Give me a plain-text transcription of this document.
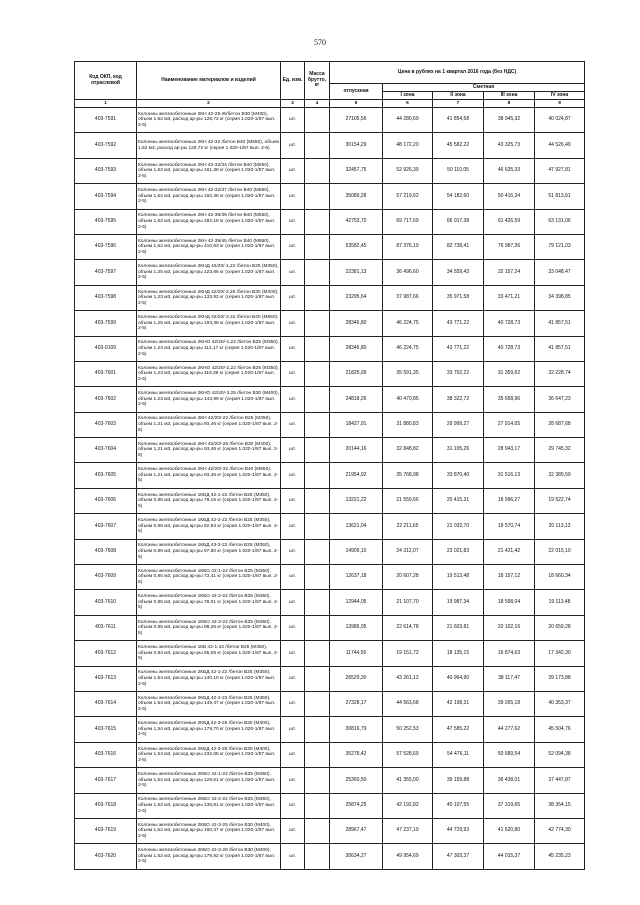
570
Код ОКП, код отраслевой	Наименование материалов и изделий	Ед. изм.	Масса брутто, кг	Цена в рублях на 1 квартал 2016 года (без НДС)				
				отпускная	Сметная			
					I зона	II зона	III зона	IV зона
1	2	3	4	5	6	7	8	9
403-7591	Колонны железобетонные 2КН 42-25-Ж/бетон В30 (М400), объем 1,62 м3, расход ар-ры 128,72 кг (серия 1.020-1/87 вып. 2-5)	шт.		27105,56	44 280,69	41 854,58	38 945,32	40 024,87
403-7592	Колонны железобетонные 2КН 42-32 /бетон В40 (М550), объем 1,62 м3, расход ар-ры 128,72 кг (серия 1.020-1/87 вып. 2-5)	шт.		30154,29	48 172,20	45 582,22	43 325,73	44 526,49
403-7593	Колонны железобетонные 2КН 42-32/34 /бетон В40 (М550), объем 1,62 м3, расход ар-ры 161,38 кг (серия 1.020-1/87 вып. 2-5)	шт.		32457,75	52 926,39	50 110,05	46 635,33	47 927,81
403-7594	Колонны железобетонные 2КН 42-32/37 /бетон В40 (М550), объем 1,62 м3, расход ар-ры 192,36 кг (серия 1.020-1/87 вып. 2-5)	шт.		35089,28	57 219,62	54 182,60	50 416,34	51 813,61
403-7595	Колонны железобетонные 2КН 42-36/39 /бетон В40 (М550), объем 1,62 м3, расход ар-ры 282,18 кг (серия 1.020-1/87 вып. 2-5)	шт.		42753,70	69 717,69	66 017,38	61 426,59	63 131,06
403-7596	Колонны железобетонные 2КН 42-39/45 /бетон В40 (М550), объем 1,62 м3, расход ар-ры 410,63 кг (серия 1.020-1/87 вып. 2-5)	шт.		53582,45	87 376,19	82 738,41	76 987,36	79 121,03
403-7597	Колонны железобетонные 2КНД 42/20/-1,22 /бетон В25 (М350), объем 1,25 м3, расход ар-ры 123,66 кг (серия 1.020-1/87 вып. 2-5)	шт.		22381,13	36 496,60	34 559,43	32 157,24	33 048,47
403-7598	Колонны железобетонные 2КНД 42/20/-2,25 /бетон В30 (М400), объем 1,23 м3, расход ар-ры 133,92 кг (серия 1.020-1/87 вып. 2-5)	шт.		23295,64	37 987,66	35 971,58	33 471,21	34 398,85
403-7599	Колонны железобетонные 2КНД 42/20/-3,32 /бетон В40 (М550), объем 1,25 м3, расход ар-ры 193,38 кг (серия 1.020-1/87 вып. 2-5)	шт.		28346,80	46 224,75	43 771,22	40 728,73	41 857,51
403-0109	Колонны железобетонные 2КНО 42/20/-1,22 /бетон В25 (М350), объем 1,23 м3, расход ар-ры 112,17 кг (серия 1.020-1/87 вып. 2-5)	шт.		28346,80	46 224,75	43 771,22	40 728,73	41 857,51
403-7601	Колонны железобетонные 2КНО 42/20/-2,22 /бетон В25 (М350), объем 1,23 м3, расход ар-ры 119,38 кг (серия 1.020-1/87 вып. 2-5)	шт.		21825,99	35 591,35	33 702,22	31 359,62	32 228,74
403-7602	Колонны железобетонные 2КНО 42/20/-3,25 /бетон В30 (М400), объем 1,23 м3, расход ар-ры 143,99 кг (серия 1.020-1/87 вып. 2-5)	шт.		24818,26	40 470,85	38 322,72	35 658,96	36 647,23
403-7603	Колонны железобетонные 2КН 42/20/-22 /бетон В25 (М350), объем 1,21 м3, расход ар-ры 93,46 кг (серия 1.020-1/87 вып. 2-5)	шт.		18427,91	31 880,83	29 999,27	27 914,05	28 687,68
403-7604	Колонны железобетонные 2КН 42/20/-26 /бетон В30 (М400), объем 1,21 м3, расход ар-ры 93,46 кг (серия 1.020-1/87 вып. 2-5)	шт.		20144,16	32 848,82	31 105,26	28 943,17	29 745,32
403-7605	Колонны железобетонные 2КН 42/20/-32 /бетон В40 (М550), объем 1,21 м3, расход ар-ры 93,46 кг (серия 1.020-1/87 вып. 2-5)	шт.		21954,92	35 768,98	33 870,40	31 516,13	32 389,59
403-7606	Колонны железобетонные 1КБД 42-1-22 /бетон В25 (М350), объем 0,86 м3, расход ар-ры 78,15 кг (серия 1.020-1/87 вып. 2-5)	шт.		13221,22	21 559,66	20 415,31	18 996,27	19 522,74
403-7607	Колонны железобетонные 1КБД 42-2-22 /бетон В25 (М350), объем 0,86 м3, расход ар-ры 82,94 кг (серия 1.020-1/87 вып. 2-5)	шт.		13621,04	22 211,65	21 032,70	19 570,74	20 113,13
403-7608	Колонны железобетонные 1КБД 43-3-22 /бетон В25 (М350), объем 0,86 м3, расход ар-ры 97,80 кг (серия 1.020-1/87 вып. 2-5)	шт.		14909,10	24 312,07	23 021,83	21 421,42	22 015,10
403-7609	Колонны железобетонные 1КБО 42-1-22 /бетон В25 (М350), объем 0,85 м3, расход ар-ры 73,41 кг (серия 1.020-1/87 вып. 2-5)	шт.		12637,18	20 607,28	19 513,48	18 157,12	18 660,34
403-7610	Колонны железобетонные 1КБО 42-2-22 /бетон В25 (М350), объем 0,85 м3, расход ар-ры 78,01 кг (серия 1.020-1/87 вып. 2-5)	шт.		12944,05	21 107,70	19 987,34	18 598,04	19 113,48
403-7611	Колонны железобетонные 1КБО 42-3-22 /бетон В25 (М350), объем 0,85 м3, расход ар-ры 88,26 кг (серия 1.020-1/87 вып. 2-5)	шт.		13986,95	22 614,78	21 603,81	20 102,16	20 659,28
403-7612	Колонны железобетонные 1КБ 42-1-22 /бетон В25 (М350), объем 0,84 м3, расход ар-ры 65,05 кг (серия 1.020-1/87 вып. 2-5)	шт.		11744,56	19 151,72	18 135,15	16 874,63	17 342,30
403-7613	Колонны железобетонные 2КБД 42-1-22 /бетон В25 (М350), объем 1,54 м3, расход ар-ры 140,10 кг (серия 1.020-1/87 вып. 2-5)	шт.		26529,30	43 261,12	40 964,90	38 117,47	39 173,88
403-7614	Колонны железобетонные 2КБД 42-2-22 /бетон В25 (М350), объем 1,54 м3, расход ар-ры 149,47 кг (серия 1.020-1/87 вып. 2-5)	шт.		27328,17	44 563,68	42 198,31	39 265,18	40 353,37
403-7615	Колонны железобетонные 2КБД 42-3-25 /бетон В30 (М400), объем 1,54 м3, расход ар-ры 179,70 кг (серия 1.020-1/87 вып. 2-5)	шт.		30816,79	50 252,53	47 585,22	44 277,62	45 504,76
403-7616	Колонны железобетонные 2КБД 42-3-28 /бетон В30 (М400), объем 1,54 м3, расход ар-ры 232,05 кг (серия 1.020-1/87 вып. 2-5)	шт.		35278,42	57 528,69	54 476,11	50 689,54	52 094,38
403-7617	Колонны железобетонные 2КБО 42-1-22 /бетон В25 (М350), объем 1,52 м3, расход ар-ры 129,61 кг (серия 1.020-1/87 вып. 2-5)	шт.		25360,50	41 355,00	39 159,88	36 438,01	37 447,87
403-7618	Колонны железобетонные 2КБО 42-2-22 /бетон В25 (М350), объем 1,52 м3, расход ар-ры 135,81 кг (серия 1.020-1/87 вып. 2-5)	шт.		25874,25	42 192,82	40 107,55	37 319,65	38 354,15
403-7619	Колонны железобетонные 2КБО 42-3-25 /бетон В30 (М400), объем 1,52 м3, расход ар-ры 160,37 кг (серия 1.020-1/87 вып. 2-5)	шт.		28967,47	47 237,19	44 729,93	41 620,80	42 774,30
403-7620	Колонны железобетонные 2КБО 42-3-28 /бетон В30 (М400), объем 1,52 м3, расход ар-ры 179,92 кг (серия 1.020-1/87 вып. 2-5)	шт.		30634,27	49 954,69	47 303,37	44 015,37	45 235,23
